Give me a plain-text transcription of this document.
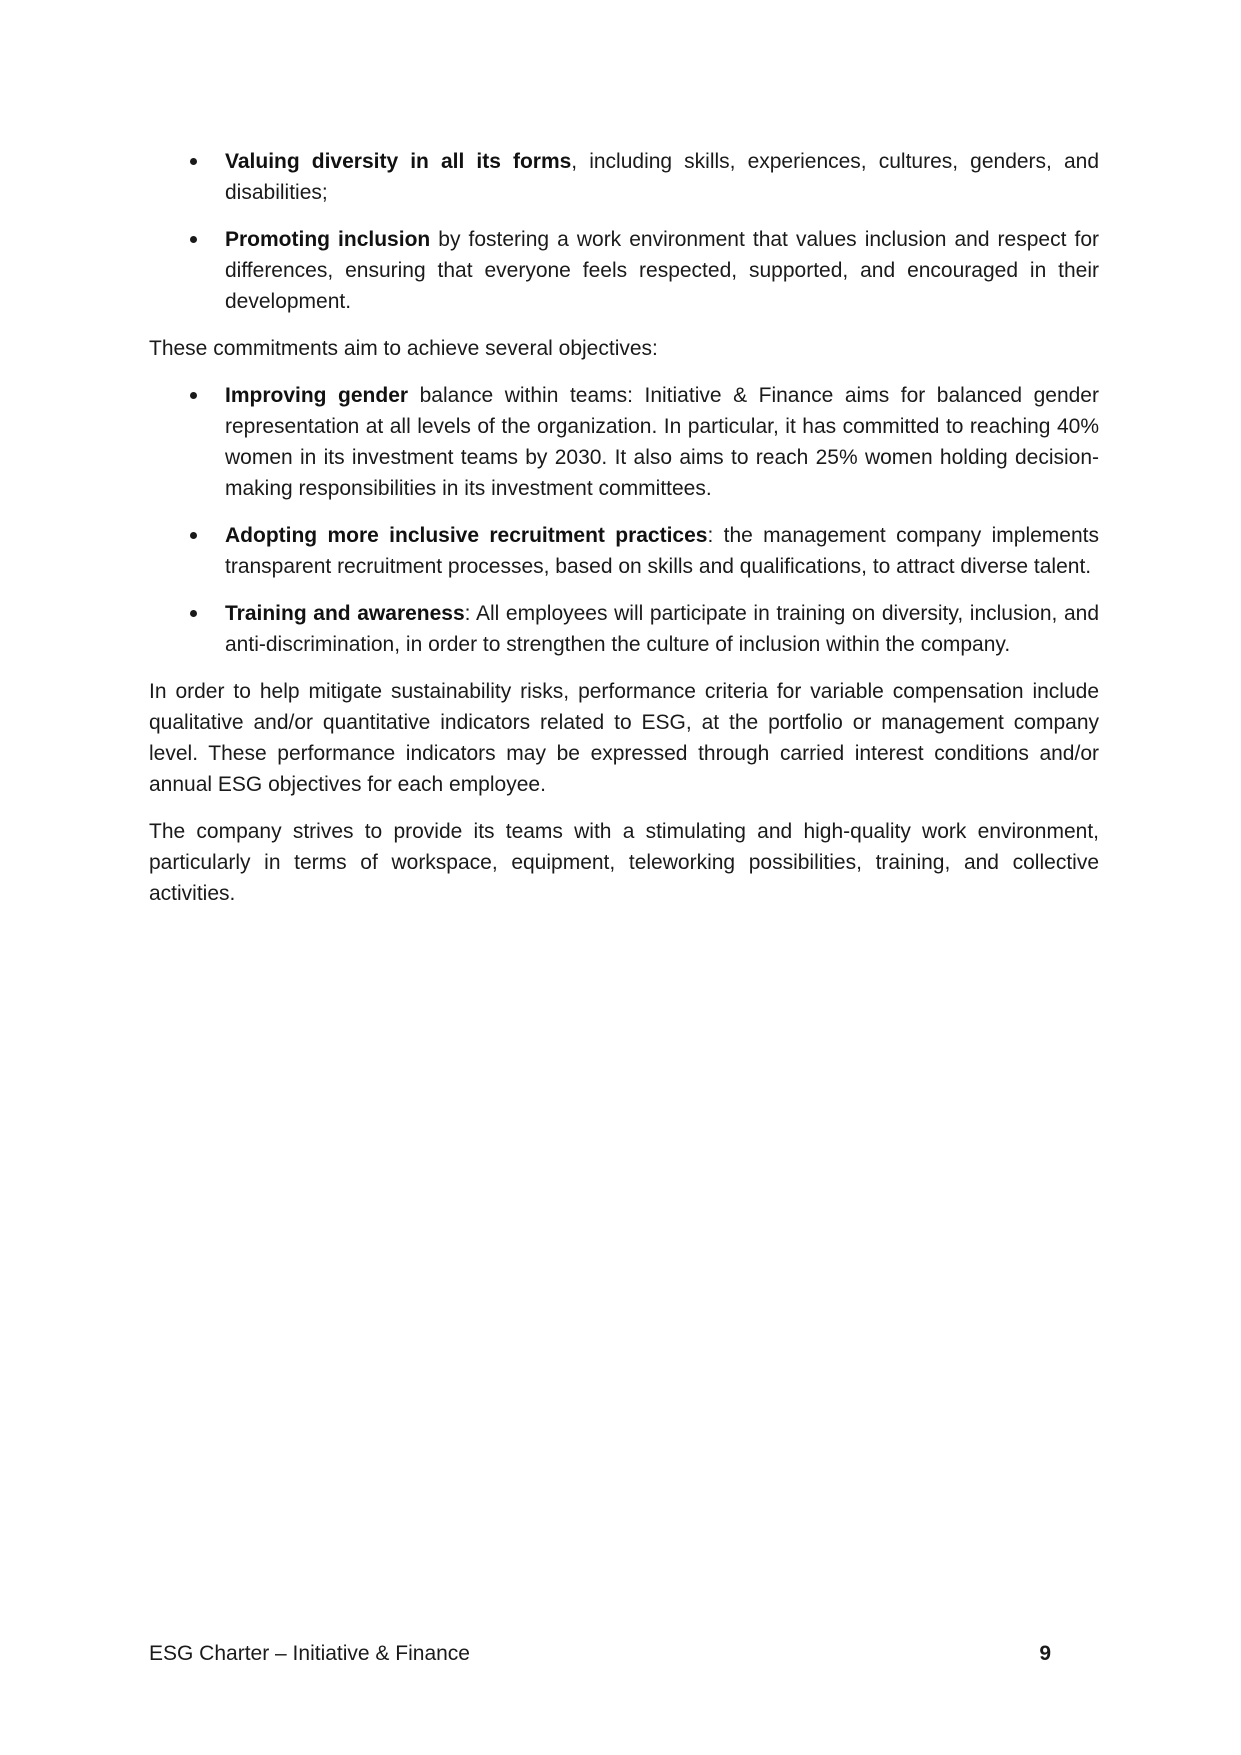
Valuing diversity in all its forms, including skills, experiences, cultures, genders, and disabilities;
Promoting inclusion by fostering a work environment that values inclusion and respect for differences, ensuring that everyone feels respected, supported, and encouraged in their development.

These commitments aim to achieve several objectives:

Improving gender balance within teams: Initiative & Finance aims for balanced gender representation at all levels of the organization. In particular, it has committed to reaching 40% women in its investment teams by 2030. It also aims to reach 25% women holding decision-making responsibilities in its investment committees.
Adopting more inclusive recruitment practices: the management company implements transparent recruitment processes, based on skills and qualifications, to attract diverse talent.
Training and awareness: All employees will participate in training on diversity, inclusion, and anti-discrimination, in order to strengthen the culture of inclusion within the company.

In order to help mitigate sustainability risks, performance criteria for variable compensation include qualitative and/or quantitative indicators related to ESG, at the portfolio or management company level. These performance indicators may be expressed through carried interest conditions and/or annual ESG objectives for each employee.

The company strives to provide its teams with a stimulating and high-quality work environment, particularly in terms of workspace, equipment, teleworking possibilities, training, and collective activities.

ESG Charter – Initiative & Finance	9
